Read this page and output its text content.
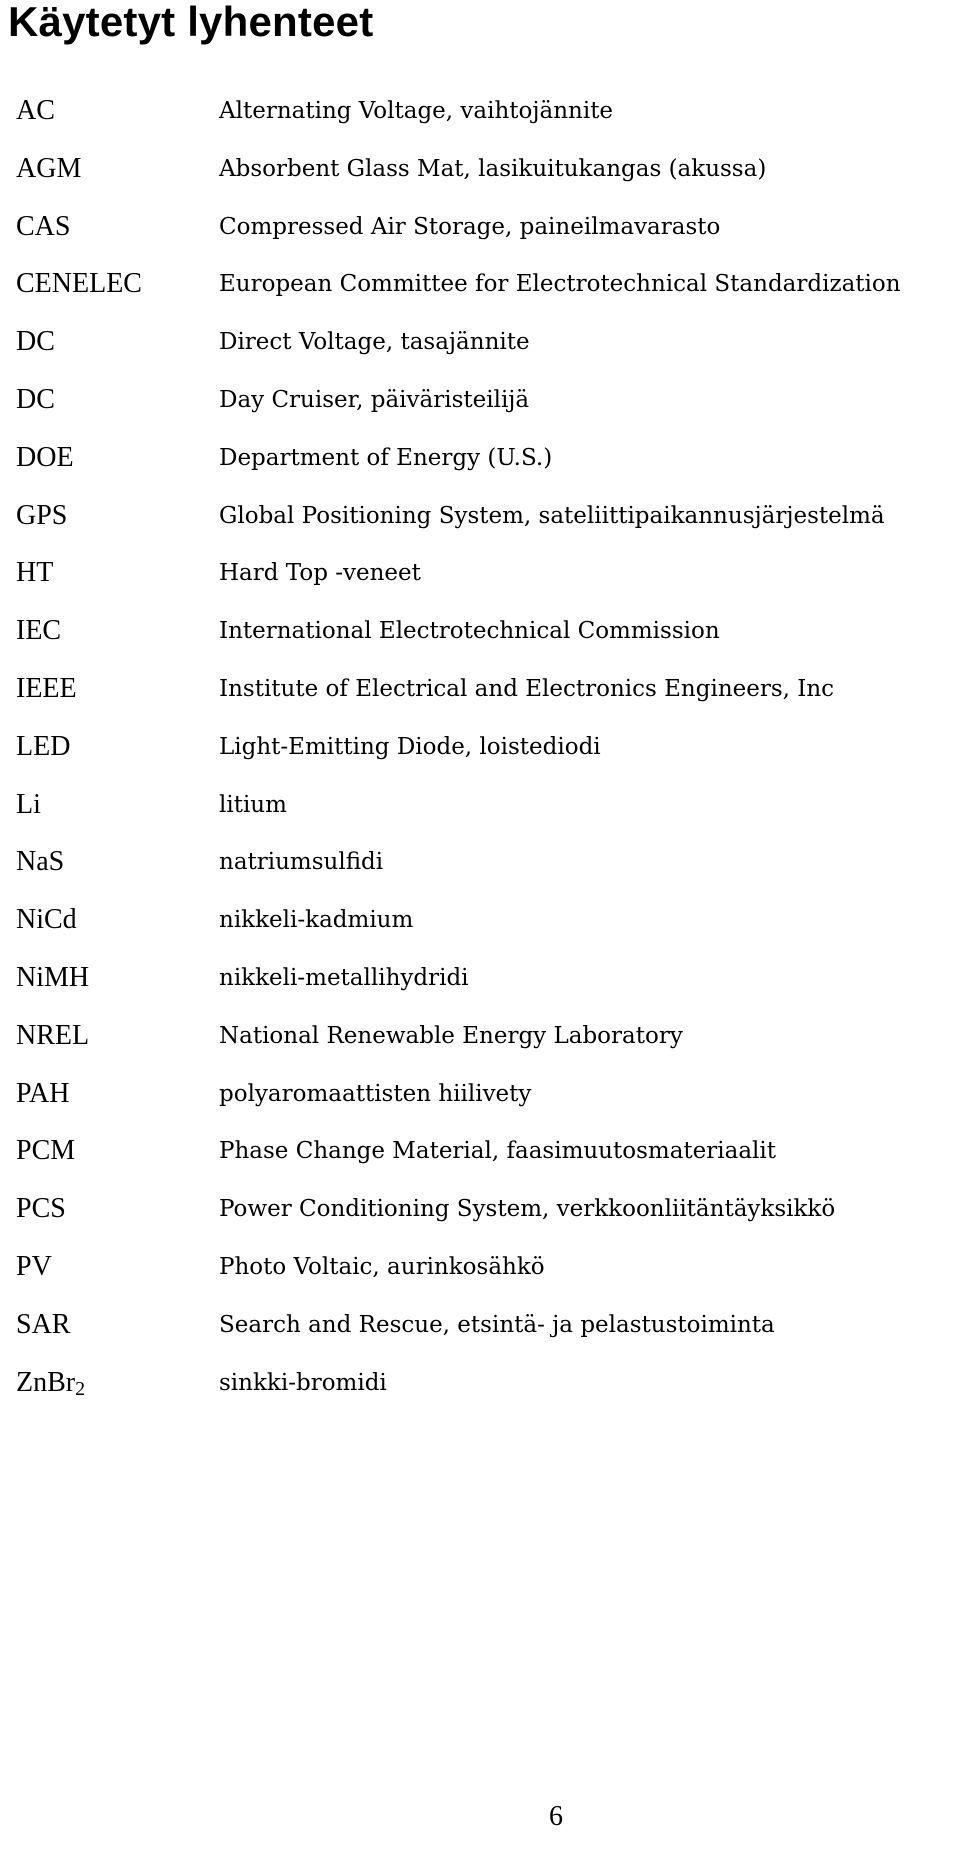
Käytetyt lyhenteet
AC	Alternating Voltage, vaihtojännite
AGM	Absorbent Glass Mat, lasikuitukangas (akussa)
CAS	Compressed Air Storage, paineilmavarasto
CENELEC	European Committee for Electrotechnical Standardization
DC	Direct Voltage, tasajännite
DC	Day Cruiser, päiväristeilijä
DOE	Department of Energy (U.S.)
GPS	Global Positioning System, sateliittipaikannusjärjestelmä
HT	Hard Top -veneet
IEC	International Electrotechnical Commission
IEEE	Institute of Electrical and Electronics Engineers, Inc
LED	Light-Emitting Diode, loistediodi
Li	litium
NaS	natriumsulfidi
NiCd	nikkeli-kadmium
NiMH	nikkeli-metallihydridi
NREL	National Renewable Energy Laboratory
PAH	polyaromaattisten hiilivety
PCM	Phase Change Material, faasimuutosmateriaalit
PCS	Power Conditioning System, verkkoonliitäntäyksikkö
PV	Photo Voltaic, aurinkosähkö
SAR	Search and Rescue, etsintä- ja pelastustoiminta
ZnBr$_2$	sinkki-bromidi
6
